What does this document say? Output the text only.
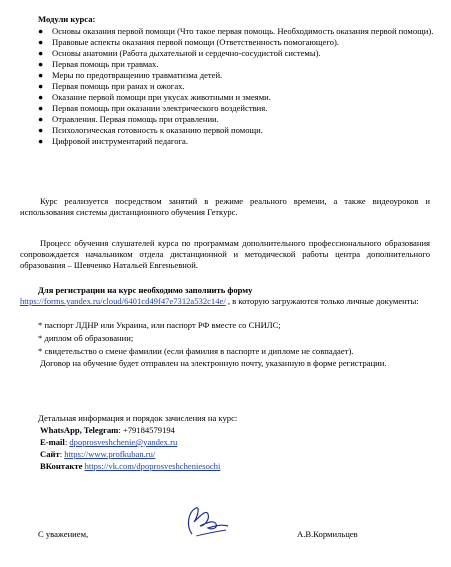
Модули курса:
● Основы оказания первой помощи (Что такое первая помощь. Необходимость оказания первой помощи).
● Правовые аспекты оказания первой помощи (Ответственность помогающего).
● Основы анатомии (Работа дыхательной и сердечно-сосудистой системы).
● Первая помощь при травмах.
● Меры по предотвращению травматизма детей.
● Первая помощь при ранах и ожогах.
● Оказание первой помощи при укусах животными и змеями.
● Первая помощь при оказании электрического воздействия.
● Отравления. Первая помощь при отравлении.
● Психологическая готовность к оказанию первой помощи.
● Цифровой инструментарий педагога.
Курс реализуется посредством занятий в режиме реального времени, а также видеоуроков и использования системы дистанционного обучения Геткурс.
Процесс обучения слушателей курса по программам дополнительного профессионального образования сопровождается начальником отдела дистанционной и методической работы центра дополнительного образования – Шевченко Натальей Евгеньевной.
Для регистрации на курс необходимо заполнить форму
https://forms.yandex.ru/cloud/6401cd49f47e7312a532c14e/ , в которую загружаются только личные документы:
* паспорт ЛДНР или Украина, или паспорт РФ вместе со СНИЛС;
* диплом об образовании;
* свидетельство о смене фамилии (если фамилия в паспорте и дипломе не совпадает).
Договор на обучение будет отправлен на электронную почту, указанную в форме регистрации.
Детальная информация и порядок зачисления на курс:
WhatsApp, Telegram: +79184579194
E-mail: dpoprosveshchenie@yandex.ru
Сайт: https://www.profkuban.ru/
ВКонтакте https://vk.com/dpoprosveshcheniesochi
С уважением,	А.В.Кормильцев
